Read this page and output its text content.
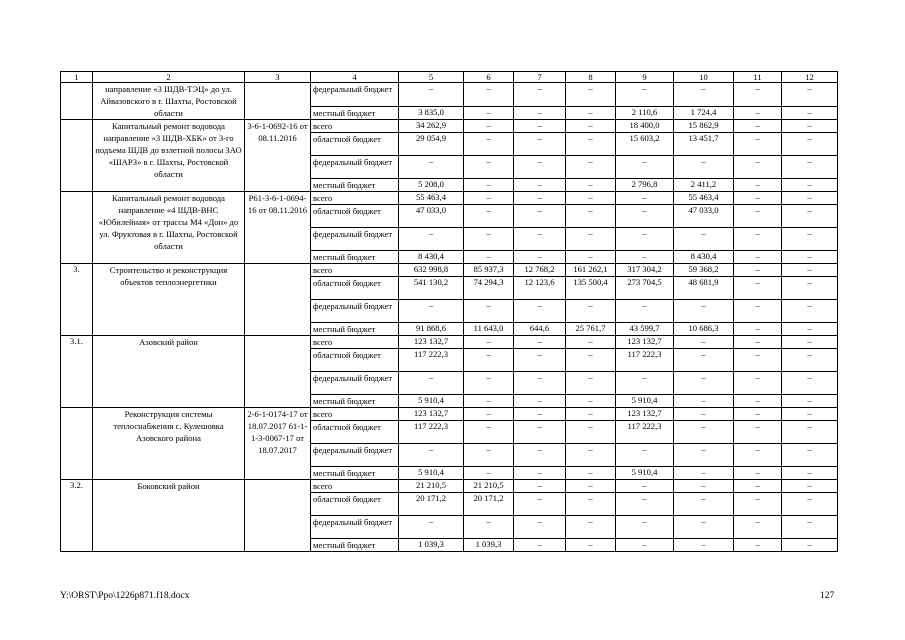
1	2	3	4	5	6	7	8	9	10	11	12
	направление «3 ШДВ-ТЭЦ» до ул. Айвазовского в г. Шахты, Ростовской области		федеральный бюджет	–	–	–	–	–	–	–	–
			местный бюджет	3 835,0	–	–	–	2 110,6	1 724,4	–	–
	Капитальный ремонт водовода направление «3 ШДВ-ХБК» от 3-го подъема ШДВ до взлетной полосы ЗАО «ШАРЗ» в г. Шахты, Ростовской области	3-6-1-0692-16 от 08.11.2016	всего	34 262,9	–	–	–	18 400,0	15 862,9	–	–
			областной бюджет	29 054,9	–	–	–	15 603,2	13 451,7	–	–
			федеральный бюджет	–	–	–	–	–	–	–	–
			местный бюджет	5 208,0	–	–	–	2 796,8	2 411,2	–	–
	Капитальный ремонт водовода направление «4 ШДВ-ВНС «Юбилейная» от трассы М4 «Дон» до ул. Фруктовая в г. Шахты, Ростовской области	Р61-3-6-1-0694-16 от 08.11.2016	всего	55 463,4	–	–	–	–	55 463,4	–	–
			областной бюджет	47 033,0	–	–	–	–	47 033,0	–	–
			федеральный бюджет	–	–	–	–	–	–	–	–
			местный бюджет	8 430,4	–	–	–	–	8 430,4	–	–
3.	Строительство и реконструкция объектов теплоэнергетики		всего	632 998,8	85 937,3	12 768,2	161 262,1	317 304,2	59 368,2	–	–
			областной бюджет	541 130,2	74 294,3	12 123,6	135 500,4	273 704,5	48 681,9	–	–
			федеральный бюджет	–	–	–	–	–	–	–	–
			местный бюджет	91 868,6	11 643,0	644,6	25 761,7	43 599,7	10 686,3	–	–
3.1.	Азовский район		всего	123 132,7	–	–	–	123 132,7	–	–	–
			областной бюджет	117 222,3	–	–	–	117 222,3	–	–	–
			федеральный бюджет	–	–	–	–	–	–	–	–
			местный бюджет	5 910,4	–	–	–	5 910,4	–	–	–
	Реконструкция системы теплоснабжения с. Кулешовка Азовского района	2-6-1-0174-17 от 18.07.2017 61-1-1-3-0067-17 от 18.07.2017	всего	123 132,7	–	–	–	123 132,7	–	–	–
			областной бюджет	117 222,3	–	–	–	117 222,3	–	–	–
			федеральный бюджет	–	–	–	–	–	–	–	–
			местный бюджет	5 910,4	–	–	–	5 910,4	–	–	–
3.2.	Боковский район		всего	21 210,5	21 210,5	–	–	–	–	–	–
			областной бюджет	20 171,2	20 171,2	–	–	–	–	–	–
			федеральный бюджет	–	–	–	–	–	–	–	–
			местный бюджет	1 039,3	1 039,3	–	–	–	–	–	–
Y:\ORST\Ppo\1226p871.f18.docx	127
